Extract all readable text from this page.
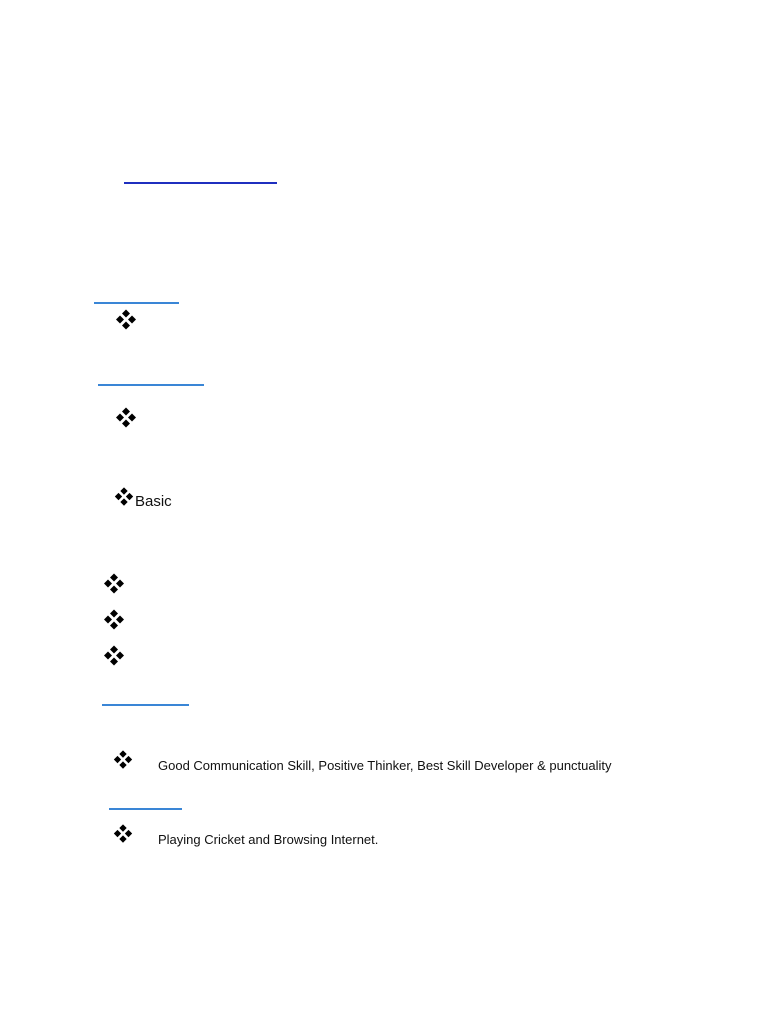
Basic
Good Communication Skill, Positive Thinker, Best Skill Developer & punctuality
Playing Cricket and Browsing Internet.
